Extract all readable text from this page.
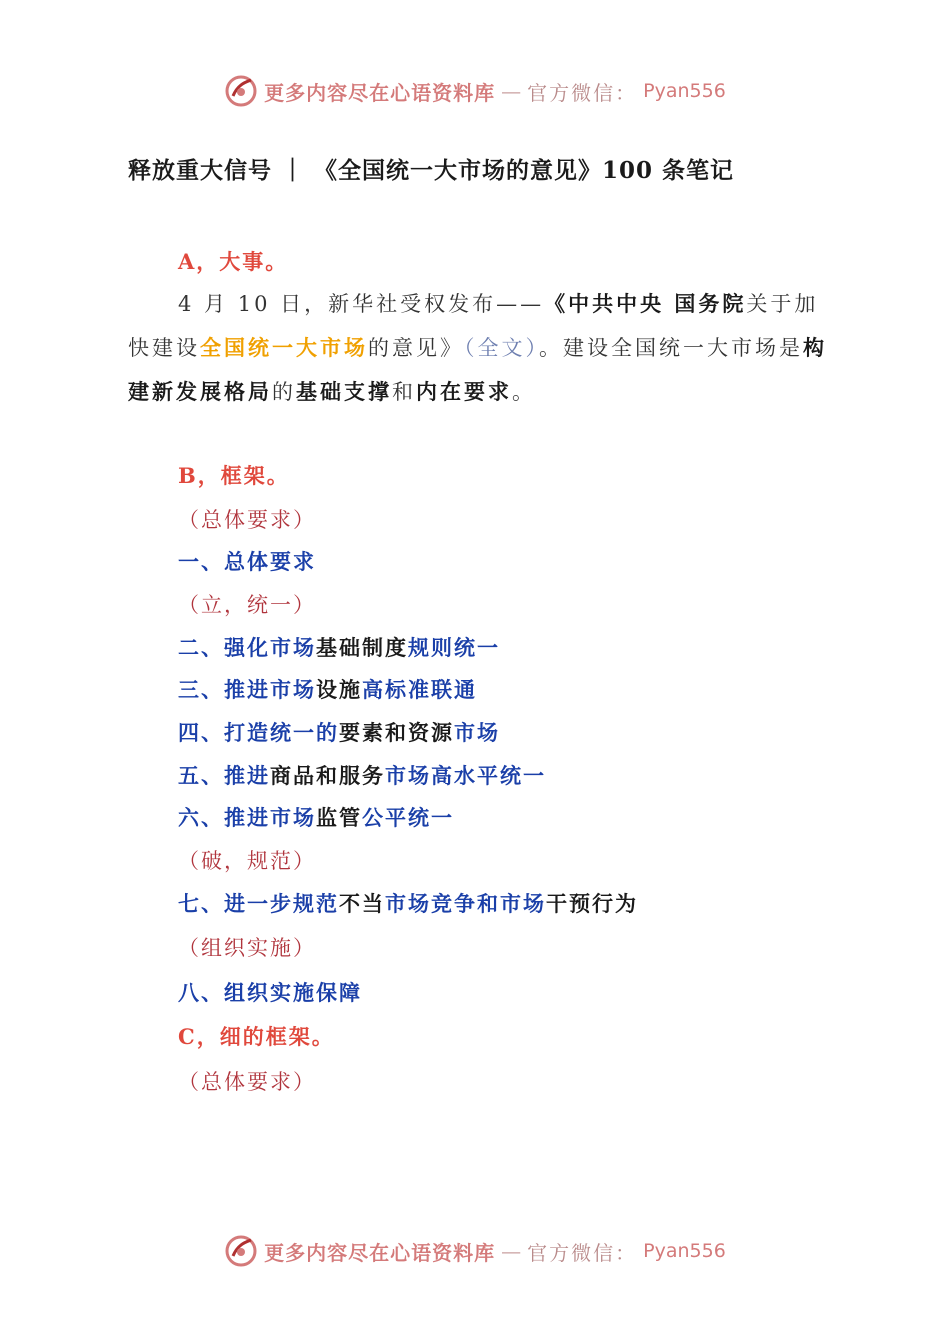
更多内容尽在心语资料库 — 官方微信： Pyan556
释放重大信号 ｜ 《全国统一大市场的意见》100 条笔记
A，大事。
4 月 10 日，新华社受权发布——《中共中央 国务院关于加快建设全国统一大市场的意见》（全文）。建设全国统一大市场是构建新发展格局的基础支撑和内在要求。
B，框架。
（总体要求）
一、总体要求
（立，统一）
二、强化市场基础制度规则统一
三、推进市场设施高标准联通
四、打造统一的要素和资源市场
五、推进商品和服务市场高水平统一
六、推进市场监管公平统一
（破，规范）
七、进一步规范不当市场竞争和市场干预行为
（组织实施）
八、组织实施保障
C，细的框架。
（总体要求）
更多内容尽在心语资料库 — 官方微信： Pyan556
